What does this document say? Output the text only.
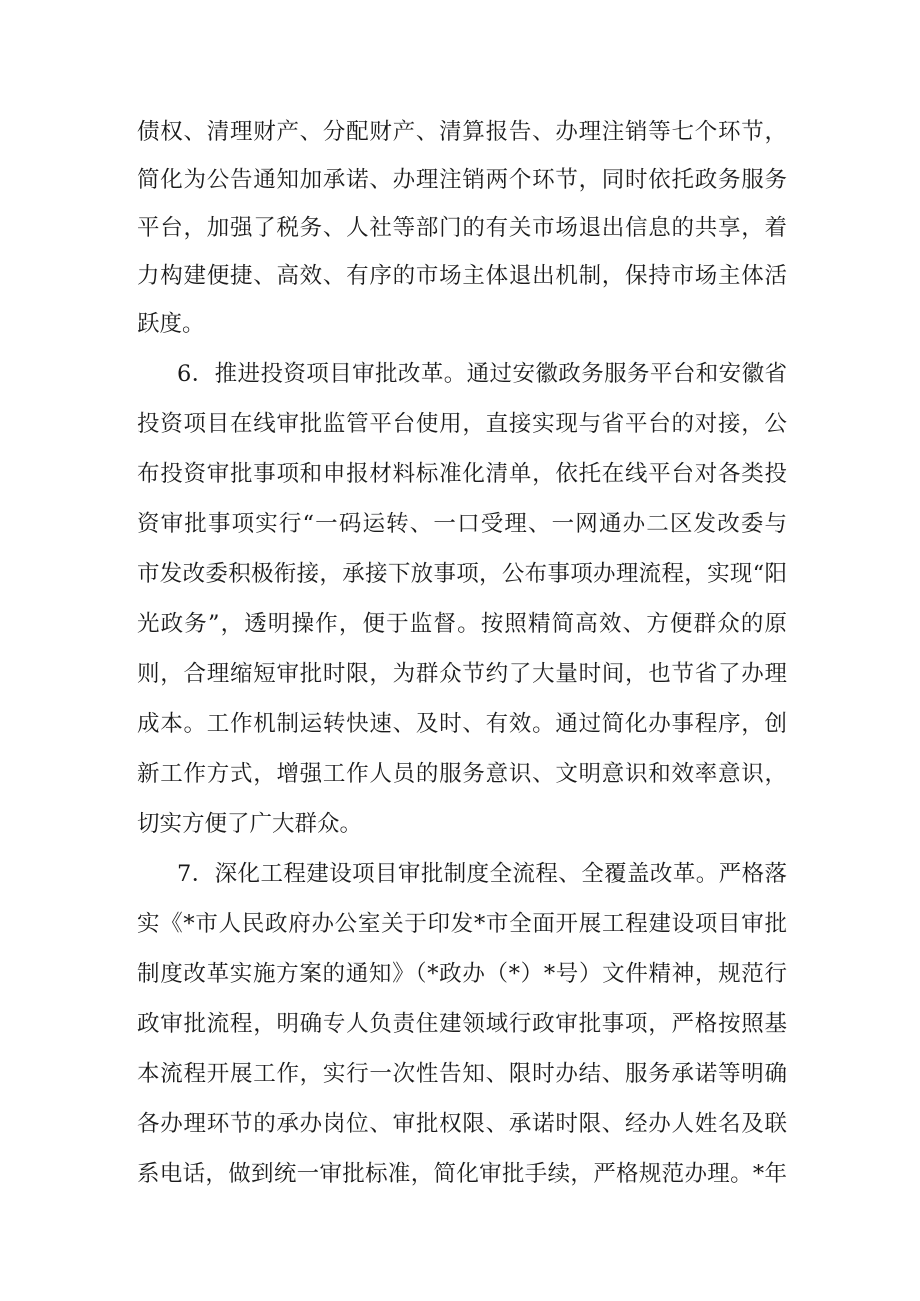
债权、清理财产、分配财产、清算报告、办理注销等七个环节，
简化为公告通知加承诺、办理注销两个环节，同时依托政务服务
平台，加强了税务、人社等部门的有关市场退出信息的共享，着
力构建便捷、高效、有序的市场主体退出机制，保持市场主体活
跃度。
6．推进投资项目审批改革。通过安徽政务服务平台和安徽省
投资项目在线审批监管平台使用，直接实现与省平台的对接，公
布投资审批事项和申报材料标准化清单，依托在线平台对各类投
资审批事项实行“一码运转、一口受理、一网通办二区发改委与
市发改委积极衔接，承接下放事项，公布事项办理流程，实现“阳
光政务”，透明操作，便于监督。按照精简高效、方便群众的原
则，合理缩短审批时限，为群众节约了大量时间，也节省了办理
成本。工作机制运转快速、及时、有效。通过简化办事程序，创
新工作方式，增强工作人员的服务意识、文明意识和效率意识，
切实方便了广大群众。
7．深化工程建设项目审批制度全流程、全覆盖改革。严格落
实《*市人民政府办公室关于印发*市全面开展工程建设项目审批
制度改革实施方案的通知》（*政办（*）*号）文件精神，规范行
政审批流程，明确专人负责住建领域行政审批事项，严格按照基
本流程开展工作，实行一次性告知、限时办结、服务承诺等明确
各办理环节的承办岗位、审批权限、承诺时限、经办人姓名及联
系电话，做到统一审批标准，简化审批手续，严格规范办理。*年
